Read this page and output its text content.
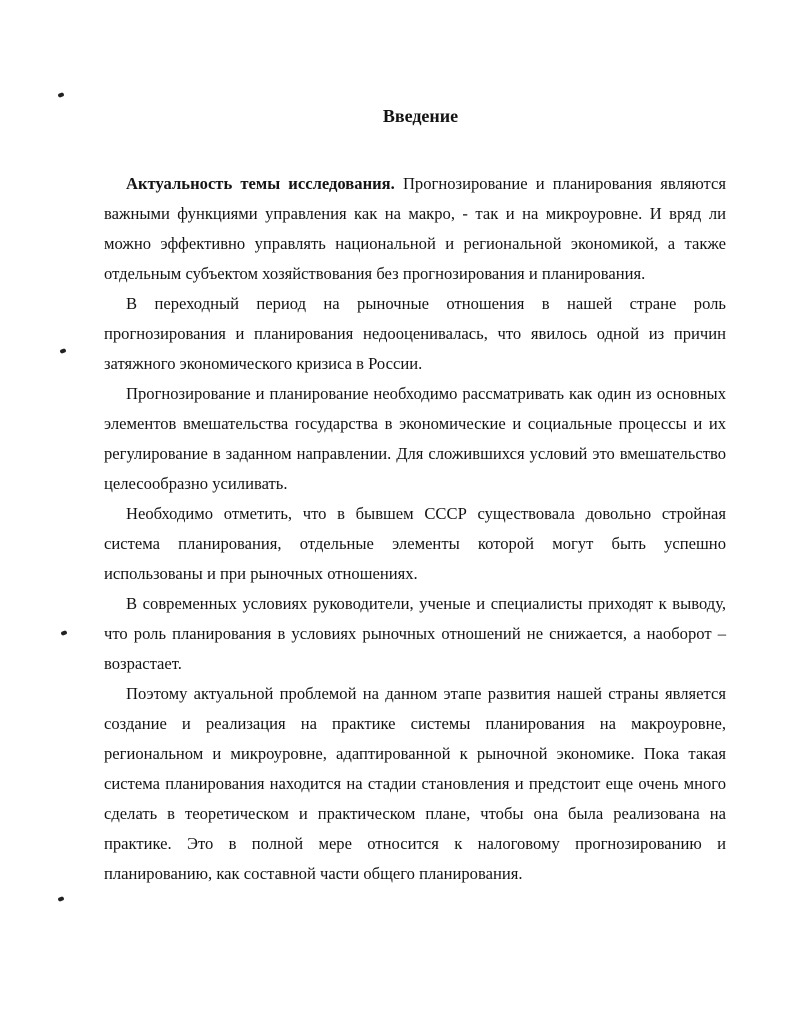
Введение

Актуальность темы исследования. Прогнозирование и планирования являются важными функциями управления как на макро, - так и на микроуровне. И вряд ли можно эффективно управлять национальной и региональной экономикой, а также отдельным субъектом хозяйствования без прогнозирования и планирования.

В переходный период на рыночные отношения в нашей стране роль прогнозирования и планирования недооценивалась, что явилось одной из причин затяжного экономического кризиса в России.

Прогнозирование и планирование необходимо рассматривать как один из основных элементов вмешательства государства в экономические и социальные процессы и их регулирование в заданном направлении. Для сложившихся условий это вмешательство целесообразно усиливать.

Необходимо отметить, что в бывшем СССР существовала довольно стройная система планирования, отдельные элементы которой могут быть успешно использованы и при рыночных отношениях.

В современных условиях руководители, ученые и специалисты приходят к выводу, что роль планирования в условиях рыночных отношений не снижается, а наоборот – возрастает.

Поэтому актуальной проблемой на данном этапе развития нашей страны является создание и реализация на практике системы планирования на макроуровне, региональном и микроуровне, адаптированной к рыночной экономике. Пока такая система планирования находится на стадии становления и предстоит еще очень много сделать в теоретическом и практическом плане, чтобы она была реализована на практике. Это в полной мере относится к налоговому прогнозированию и планированию, как составной части общего планирования.
